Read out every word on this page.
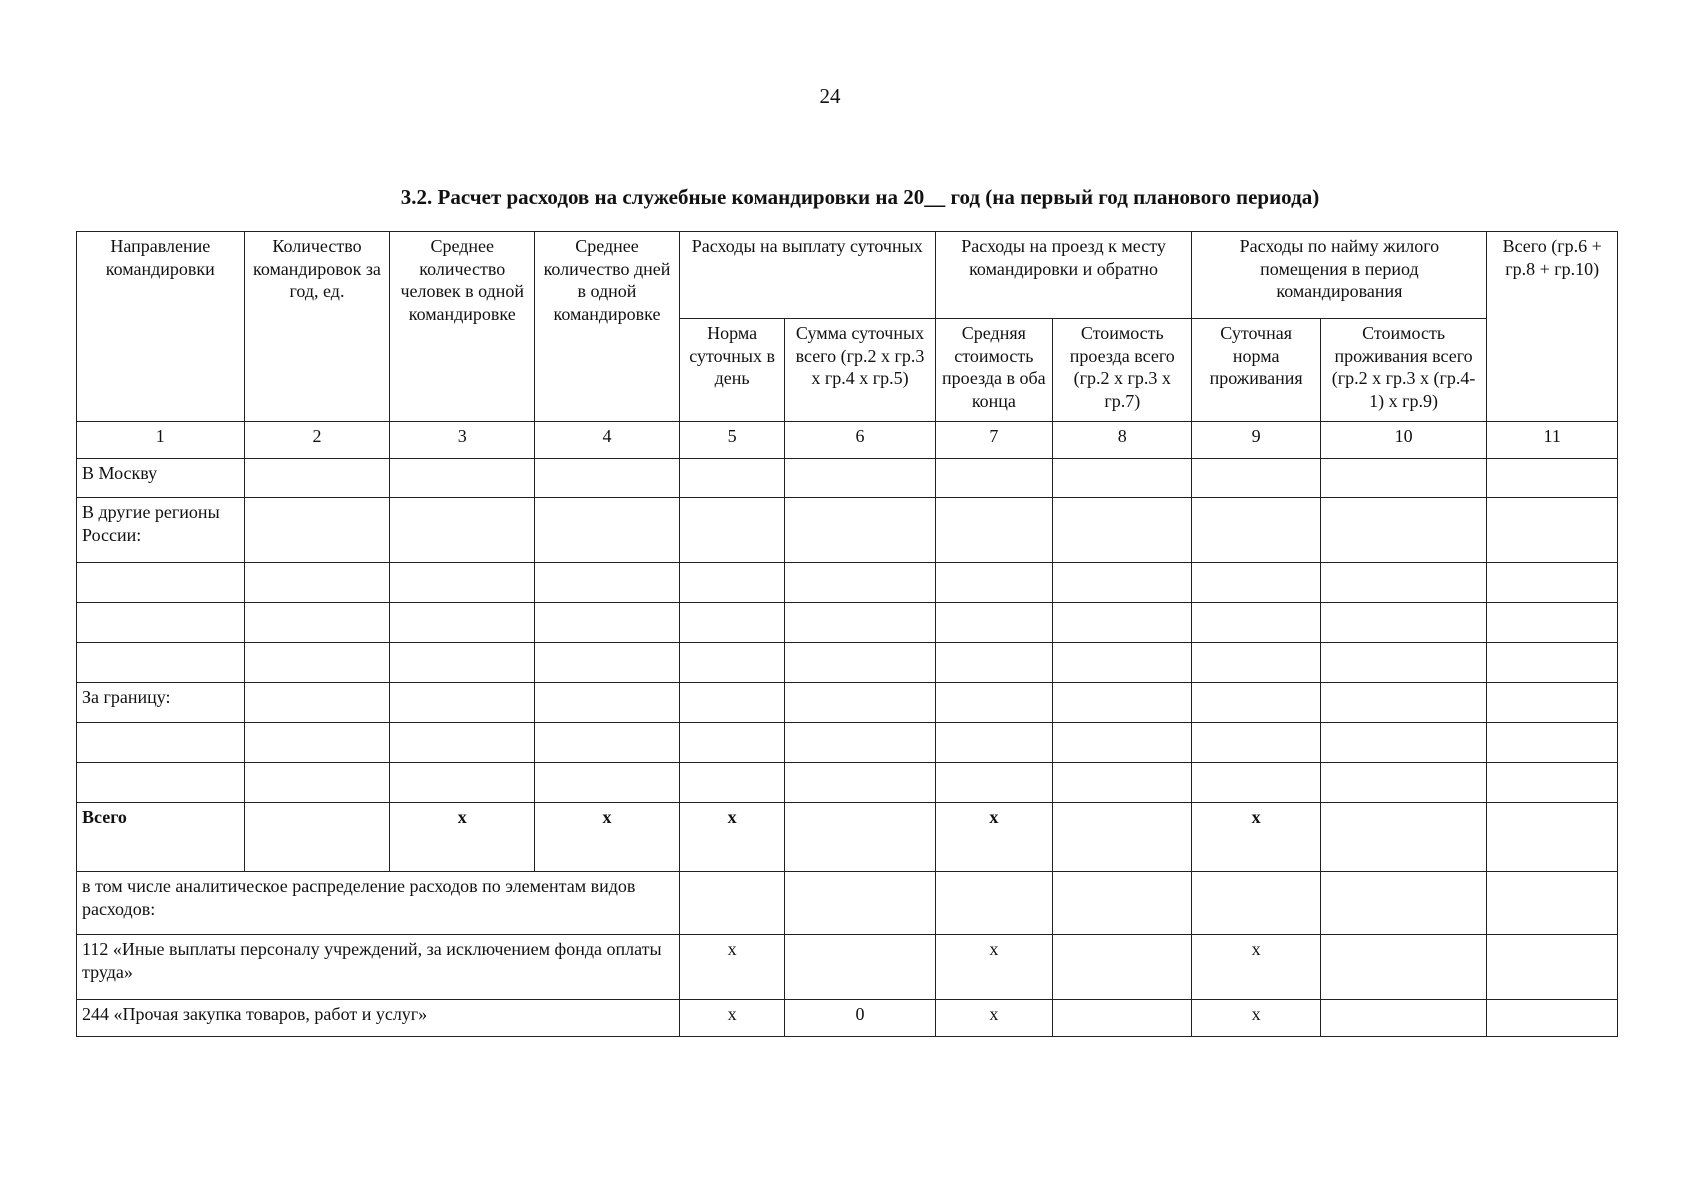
24
3.2. Расчет расходов на служебные командировки на 20__ год (на первый год планового периода)
Направление командировки	Количество командировок за год, ед.	Среднее количество человек в одной командировке	Среднее количество дней в одной командировке	Расходы на выплату суточных		Расходы на проезд к месту командировки и обратно		Расходы по найму жилого помещения в период командирования		Всего (гр.6 + гр.8 + гр.10)
				Норма суточных в день	Сумма суточных всего (гр.2 х гр.3 х гр.4 х гр.5)	Средняя стоимость проезда в оба конца	Стоимость проезда всего (гр.2 х гр.3 х гр.7)	Суточная норма проживания	Стоимость проживания всего (гр.2 х гр.3 х (гр.4-1) х гр.9)	
1	2	3	4	5	6	7	8	9	10	11
В Москву										
В другие регионы России:										

За границу:										

Всего		х	х	х		х		х		
в том числе аналитическое распределение расходов по элементам видов расходов:										
112 «Иные выплаты персоналу учреждений, за исключением фонда оплаты труда»				х		х		х		
244 «Прочая закупка товаров, работ и услуг»				х	0	х		х		
